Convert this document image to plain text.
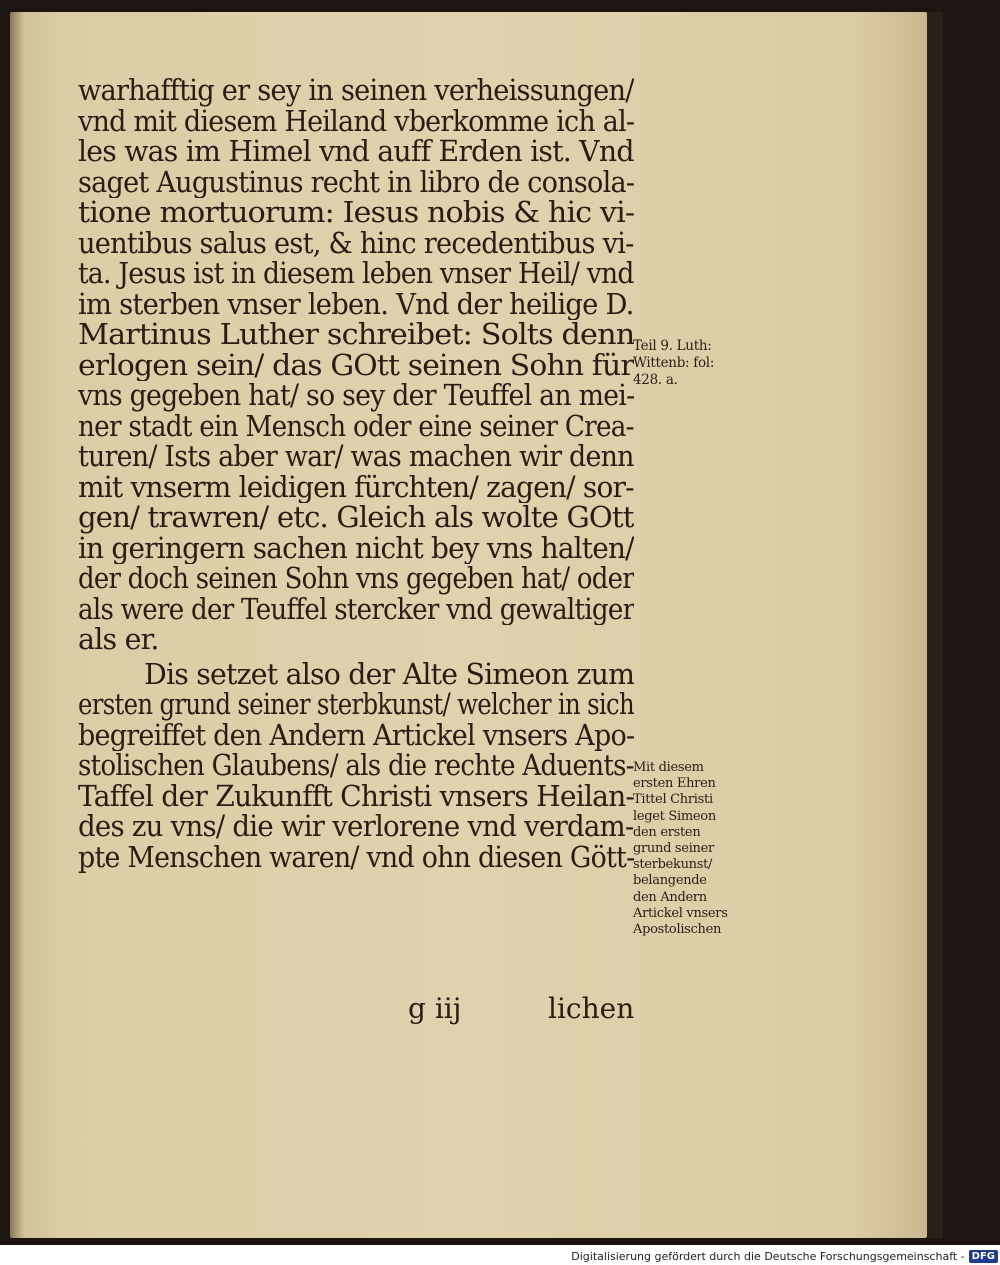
warhafftig er sey in seinen verheissungen/
vnd mit diesem Heiland vberkomme ich al-
les was im Himel vnd auff Erden ist. Vnd
saget Augustinus recht in libro de consola-
tione mortuorum: Iesus nobis & hic vi-
uentibus salus est, & hinc recedentibus vi-
ta. Jesus ist in diesem leben vnser Heil/ vnd
im sterben vnser leben. Vnd der heilige D.
Martinus Luther schreibet: Solts denn
erlogen sein/ das GOtt seinen Sohn für
vns gegeben hat/ so sey der Teuffel an mei-
ner stadt ein Mensch oder eine seiner Crea-
turen/ Ists aber war/ was machen wir denn
mit vnserm leidigen fürchten/ zagen/ sor-
gen/ trawren/ etc. Gleich als wolte GOtt
in geringern sachen nicht bey vns halten/
der doch seinen Sohn vns gegeben hat/ oder
als were der Teuffel stercker vnd gewaltiger
als er.
Dis setzet also der Alte Simeon zum
ersten grund seiner sterbkunst/ welcher in sich
begreiffet den Andern Artickel vnsers Apo-
stolischen Glaubens/ als die rechte Aduents-
Taffel der Zukunfft Christi vnsers Heilan-
des zu vns/ die wir verlorene vnd verdam-
pte Menschen waren/ vnd ohn diesen Gött-
g iij	lichen
Teil 9. Luth:
Wittenb: fol:
428. a.
Mit diesem
ersten Ehren
Tittel Christi
leget Simeon
den ersten
grund seiner
sterbekunst/
belangende
den Andern
Artickel vnsers
Apostolischen
Digitalisierung gefördert durch die Deutsche Forschungsgemeinschaft - DFG
